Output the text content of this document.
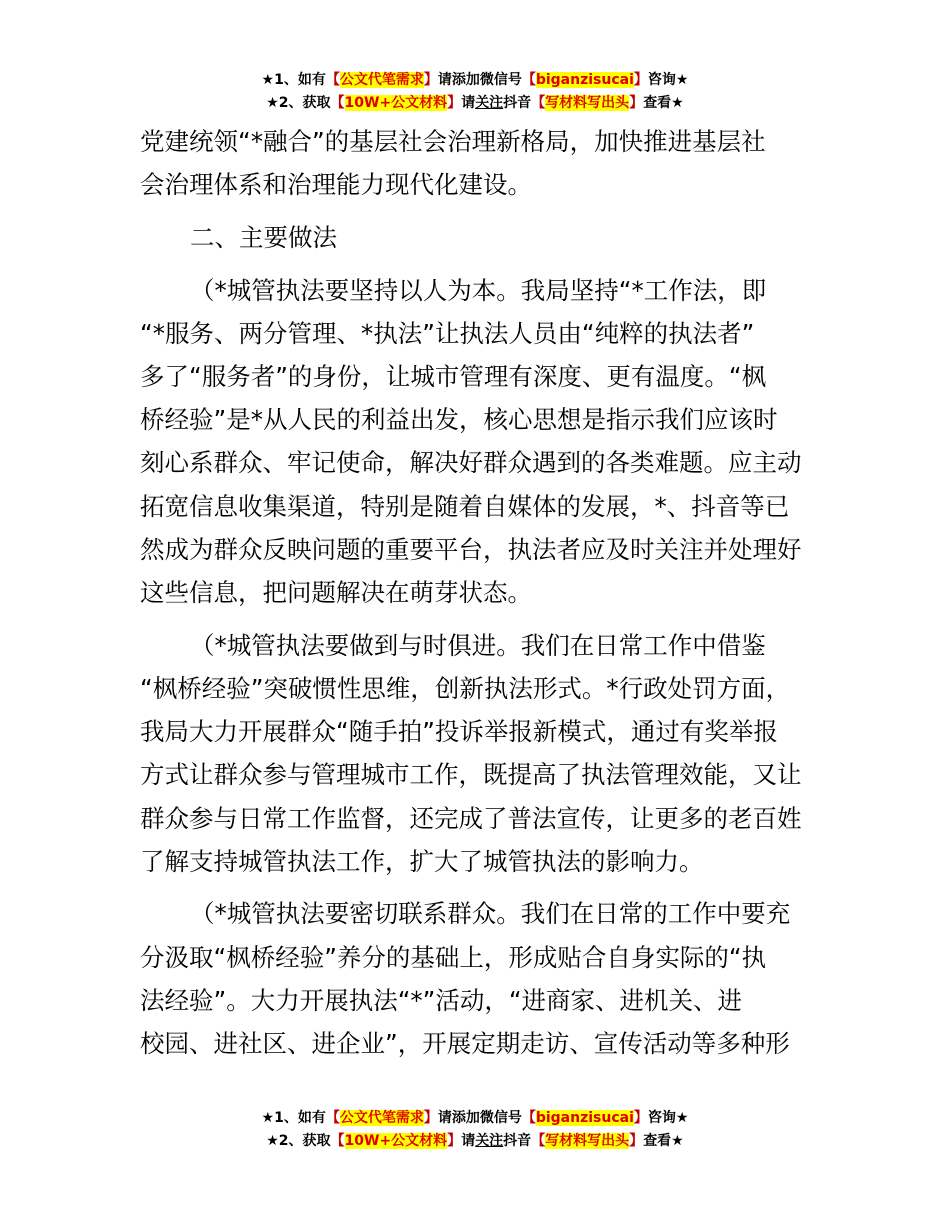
★1、如有【公文代笔需求】请添加微信号【biganzisucai】咨询★
★2、获取【10W+公文材料】请关注抖音【写材料写出头】查看★

党建统领“*融合”的基层社会治理新格局，加快推进基层社

会治理体系和治理能力现代化建设。

二、主要做法

（*城管执法要坚持以人为本。我局坚持“*工作法，即

“*服务、两分管理、*执法”让执法人员由“纯粹的执法者”

多了“服务者”的身份，让城市管理有深度、更有温度。“枫

桥经验”是*从人民的利益出发，核心思想是指示我们应该时

刻心系群众、牢记使命，解决好群众遇到的各类难题。应主动

拓宽信息收集渠道，特别是随着自媒体的发展，*、抖音等已

然成为群众反映问题的重要平台，执法者应及时关注并处理好

这些信息，把问题解决在萌芽状态。

（*城管执法要做到与时俱进。我们在日常工作中借鉴

“枫桥经验”突破惯性思维，创新执法形式。*行政处罚方面，

我局大力开展群众“随手拍”投诉举报新模式，通过有奖举报

方式让群众参与管理城市工作，既提高了执法管理效能，又让

群众参与日常工作监督，还完成了普法宣传，让更多的老百姓

了解支持城管执法工作，扩大了城管执法的影响力。

（*城管执法要密切联系群众。我们在日常的工作中要充

分汲取“枫桥经验”养分的基础上，形成贴合自身实际的“执

法经验”。大力开展执法“*”活动，“进商家、进机关、进

校园、进社区、进企业”，开展定期走访、宣传活动等多种形

★1、如有【公文代笔需求】请添加微信号【biganzisucai】咨询★
★2、获取【10W+公文材料】请关注抖音【写材料写出头】查看★
